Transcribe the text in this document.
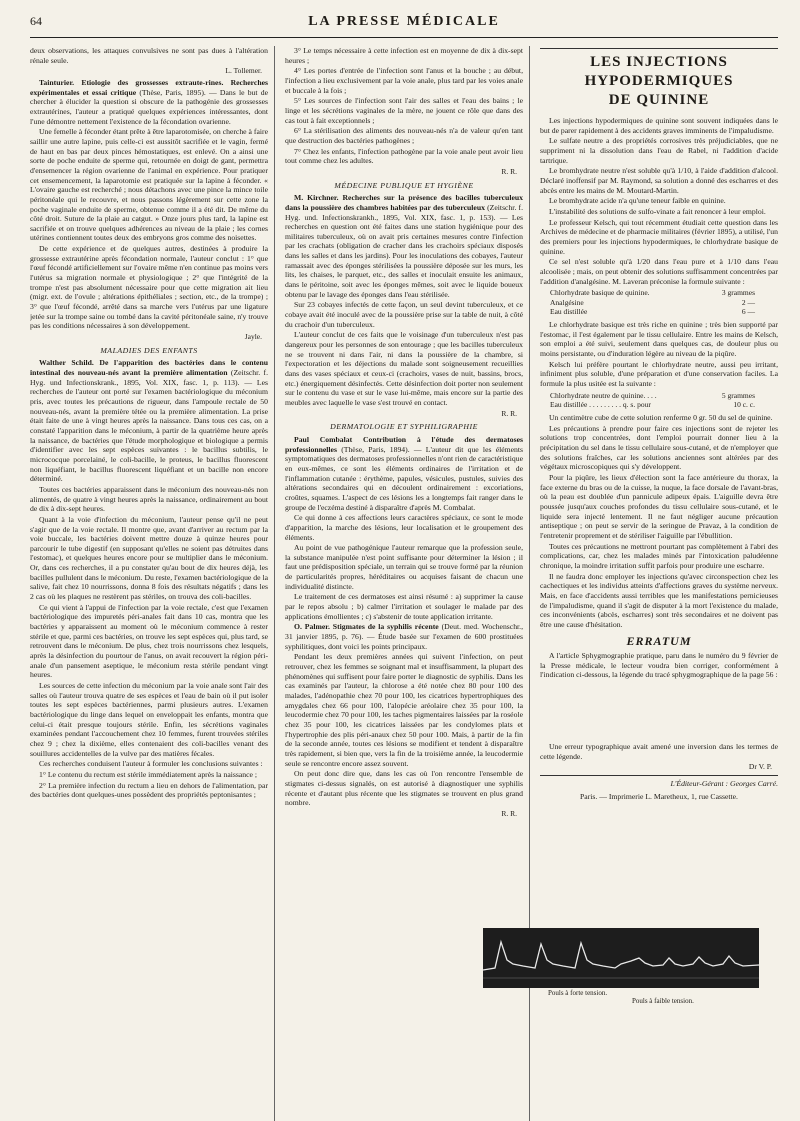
64	LA PRESSE MÉDICALE

deux observations, les attaques convulsives ne sont pas dues à l'altération rénale seule.

L. Tollemer.

Tainturier. Etiologie des grossesses extraute-rines. Recherches expérimentales et essai critique (Thèse, Paris, 1895). — Dans le but de chercher à élucider la question si obscure de la pathogénie des grossesses extrautérines, l'auteur a pratiqué quelques expériences intéressantes, dont l'une démontre nettement l'existence de la fécondation ovarienne.

Une femelle à féconder étant prête à être laparotomisée, on cherche à faire saillir une autre lapine, puis celle-ci est aussitôt sacrifiée et le vagin, fermé de haut en bas par deux pinces hémostatiques, est enlevé. On a ainsi une sorte de poche enduite de sperme qui, retournée en doigt de gant, permettra d'ensemencer la région ovarienne de l'animal en expérience. Pour pratiquer cet ensemencement, la laparotomie est pratiquée sur la lapine à féconder. « L'ovaire gauche est recherché ; nous détachons avec une pince la mince toile péritonéale qui le recouvre, et nous passons légèrement sur cette zone la poche vaginale enduite de sperme, obtenue comme il a été dit. De même du côté droit. Suture de la plaie au catgut. » Onze jours plus tard, la lapine est sacrifiée et on trouve quelques adhérences au niveau de la plaie ; les cornes utérines contiennent toutes deux des embryons gros comme des noisettes.

De cette expérience et de quelques autres, destinées à produire la grossesse extrautérine après fécondation normale, l'auteur conclut : 1° que l'œuf fécondé artificiellement sur l'ovaire même n'en continue pas moins vers l'utérus sa migration normale et physiologique ; 2° que l'intégrité de la trompe n'est pas absolument nécessaire pour que cette migration ait lieu (migr. ext. de l'ovule ; altérations épithéliales ; section, etc., de la trompe) ; 3° que l'œuf fécondé, arrêté dans sa marche vers l'utérus par une ligature jetée sur la trompe saine ou tombé dans la cavité péritonéale saine, n'y trouve pas les conditions nécessaires à son développement.

Jayle.
MALADIES DES ENFANTS

Walther Schild. De l'apparition des bactéries dans le contenu intestinal des nouveau-nés avant la première alimentation (Zeitschr. f. Hyg. und Infectionskrank., 1895, Vol. XIX, fasc. 1, p. 113). — Les recherches de l'auteur ont porté sur l'examen bactériologique du méconium pris, avec toutes les précautions de rigueur, dans l'ampoule rectale de 50 nouveau-nés, avant la première tétée ou la première alimentation. La prise était faite de une à vingt heures après la naissance. Dans tous ces cas, on a constaté l'apparition dans le méconium, à partir de la quatrième heure après la naissance, de bactéries que l'étude morphologique et biologique a permis d'identifier avec les sept espèces suivantes : le bacillus subtilis, le micrococque porcelainé, le coli-bacille, le proteus, le bacillus fluorescent non liquéfiant, le bacillus fluorescent liquéfiant et un bacille non encore déterminé.

Toutes ces bactéries apparaissent dans le méconium des nouveau-nés non alimentés, de quatre à vingt heures après la naissance, ordinairement au bout de dix à dix-sept heures.

Quant à la voie d'infection du méconium, l'auteur pense qu'il ne peut s'agir que de la voie rectale. Il montre que, avant d'arriver au rectum par la voie buccale, les bactéries doivent mettre douze à quinze heures pour parcourir le tube digestif (en supposant qu'elles ne soient pas détruites dans l'estomac), et quelques heures encore pour se multiplier dans le méconium. Or, dans ces recherches, il a pu constater qu'au bout de dix heures déjà, les bacilles pullulent dans le méconium. Du reste, l'examen bactériologique de la salive, fait chez 10 nourrissons, donna 8 fois des résultats négatifs ; dans les 2 cas où les plaques ne restèrent pas stériles, on trouva des coli-bacilles.

Ce qui vient à l'appui de l'infection par la voie rectale, c'est que l'examen bactériologique des impuretés péri-anales fait dans 10 cas, montra que les bactéries y apparaissent au moment où le méconium commence à rester stérile et que, parmi ces bactéries, on trouve les sept espèces qui, plus tard, se retrouvent dans le méconium. De plus, chez trois nourrissons chez lesquels, après la désinfection du pourtour de l'anus, on avait recouvert la région péri-anale d'un pansement aseptique, le méconium resta stérile pendant vingt heures.

Les sources de cette infection du méconium par la voie anale sont l'air des salles où l'auteur trouva quatre de ses espèces et l'eau de bain où il put isoler toutes les sept espèces bactériennes, parmi plusieurs autres. L'examen bactériologique du linge dans lequel on enveloppait les enfants, montra que celui-ci était presque toujours stérile. Enfin, les sécrétions vaginales examinées pendant l'accouchement chez 10 femmes, furent trouvées stériles chez 9 ; chez la dixième, elles contenaient des coli-bacilles venant des souillures accidentelles de la vulve par des matières fécales.

Ces recherches conduisent l'auteur à formuler les conclusions suivantes :

1° Le contenu du rectum est stérile immédiatement après la naissance ;

2° La première infection du rectum a lieu en dehors de l'alimentation, par des bactéries dont quelques-unes possèdent des propriétés peptonisantes ;

3° Le temps nécessaire à cette infection est en moyenne de dix à dix-sept heures ;

4° Les portes d'entrée de l'infection sont l'anus et la bouche ; au début, l'infection a lieu exclusivement par la voie anale, plus tard par les voies anale et buccale à la fois ;

5° Les sources de l'infection sont l'air des salles et l'eau des bains ; le linge et les sécrétions vaginales de la mère, ne jouent ce rôle que dans des cas tout à fait exceptionnels ;

6° La stérilisation des aliments des nouveau-nés n'a de valeur qu'en tant que destruction des bactéries pathogènes ;

7° Chez les enfants, l'infection pathogène par la voie anale peut avoir lieu tout comme chez les adultes.

R. R.
MÉDECINE PUBLIQUE ET HYGIÈNE

M. Kirchner. Recherches sur la présence des bacilles tuberculeux dans la poussière des chambres habitées par des tuberculeux (Zeitschr. f. Hyg. und. Infectionskrankh., 1895, Vol. XIX, fasc. 1, p. 153). — Les recherches en question ont été faites dans une station hygiénique pour des militaires tuberculeux, où on avait pris certaines mesures contre l'infection par les crachats (obligation de cracher dans les crachoirs spéciaux disposés dans les salles et dans les jardins). Pour les inoculations des cobayes, l'auteur ramassait avec des éponges stérilisées la poussière déposée sur les murs, les lits, les chaises, le parquet, etc., des salles et inoculait ensuite les animaux, dans le péritoine, soit avec les éponges mêmes, soit avec le liquide boueux obtenu par le lavage des éponges dans l'eau stérilisée.

Sur 23 cobayes infectés de cette façon, un seul devint tuberculeux, et ce cobaye avait été inoculé avec de la poussière prise sur la table de nuit, à côté du crachoir d'un tuberculeux.

L'auteur conclut de ces faits que le voisinage d'un tuberculeux n'est pas dangereux pour les personnes de son entourage ; que les bacilles tuberculeux ne se trouvent ni dans l'air, ni dans la poussière de la chambre, si l'expectoration et les déjections du malade sont soigneusement recueillies dans des vases spéciaux et ceux-ci (crachoirs, vases de nuit, bassins, brocs, etc.) énergiquement désinfectés. Cette désinfection doit porter non seulement sur le contenu du vase et sur le vase lui-même, mais encore sur la partie des meubles avec laquelle le vase s'est trouvé en contact.

R. R.
DERMATOLOGIE ET SYPHILIGRAPHIE

Paul Combalat Contribution à l'étude des dermatoses professionnelles (Thèse, Paris, 1894). — L'auteur dit que les éléments symptomatiques des dermatoses professionnelles n'ont rien de caractéristique en eux-mêmes, ce sont les éléments ordinaires de l'irritation et de l'inflammation cutanée : érythème, papules, vésicules, pustules, suivies des altérations secondaires qui en découlent ordinairement : excoriations, croûtes, squames. L'aspect de ces lésions les a longtemps fait ranger dans le groupe de l'eczéma destiné à disparaître d'après M. Combalat.

Ce qui donne à ces affections leurs caractères spéciaux, ce sont le mode d'apparition, la marche des lésions, leur localisation et le groupement des éléments.

Au point de vue pathogénique l'auteur remarque que la profession seule, la substance manipulée n'est point suffisante pour déterminer la lésion ; il faut une prédisposition spéciale, un terrain qui se trouve formé par la réunion de particularités propres, héréditaires ou acquises faisant de chacun une individualité distincte.

Le traitement de ces dermatoses est ainsi résumé : a) supprimer la cause par le repos absolu ; b) calmer l'irritation et soulager le malade par des applications émollientes ; c) s'abstenir de toute application irritante.

O. Palmer. Stigmates de la syphilis récente (Deut. med. Wochenschr., 31 janvier 1895, p. 76). — Étude basée sur l'examen de 600 prostituées syphilitiques, dont voici les points principaux.

Pendant les deux premières années qui suivent l'infection, on peut retrouver, chez les femmes se soignant mal et insuffisamment, la plupart des phénomènes qui suffisent pour faire porter le diagnostic de syphilis. Dans les cas examinés par l'auteur, la chlorose a été notée chez 80 pour 100 des malades, l'adénopathie chez 70 pour 100, les cicatrices hypertrophiques des amygdales chez 66 pour 100, l'alopécie aréolaire chez 35 pour 100, la leucodermie chez 70 pour 100, les taches pigmentaires laissées par la roséole chez 35 pour 100, les cicatrices laissées par les condylomes plats et l'hypertrophie des plis péri-anaux chez 50 pour 100. Mais, à partir de la fin de la seconde année, toutes ces lésions se modifient et tendent à disparaître très rapidement, si bien que, vers la fin de la troisième année, la leucodermie seule se rencontre encore assez souvent.

On peut donc dire que, dans les cas où l'on rencontre l'ensemble de stigmates ci-dessus signalés, on est autorisé à diagnostiquer une syphilis récente et d'autant plus récente que les stigmates se trouvent en plus grand nombre.

R. R.
LES INJECTIONS HYPODERMIQUES
DE QUININE

Les injections hypodermiques de quinine sont souvent indiquées dans le but de parer rapidement à des accidents graves imminents de l'impaludisme.

Le sulfate neutre a des propriétés corrosives très préjudiciables, que ne suppriment ni la dissolution dans l'eau de Rabel, ni l'addition d'acide tartrique.

Le bromhydrate neutre n'est soluble qu'à 1/10, à l'aide d'addition d'alcool. Déclaré inoffensif par M. Raymond, sa solution a donné des escharres et des abcès entre les mains de M. Moutard-Martin.

Le bromhydrate acide n'a qu'une teneur faible en quinine.

L'instabilité des solutions de sulfo-vinate a fait renoncer à leur emploi.

Le professeur Kelsch, qui tout récemment étudiait cette question dans les Archives de médecine et de pharmacie militaires (février 1895), a utilisé, l'un des premiers pour les injections hypodermiques, le chlorhydrate basique de quinine.

Ce sel n'est soluble qu'à 1/20 dans l'eau pure et à 1/10 dans l'eau alcoolisée ; mais, on peut obtenir des solutions suffisamment concentrées par l'addition d'analgésine. M. Laveran préconise la formule suivante :

Chlorhydrate basique de quinine.	3 grammes
Analgésine	2 —
Eau distillée	6 —

Le chlorhydrate basique est très riche en quinine ; très bien supporté par l'estomac, il l'est également par le tissu cellulaire. Entre les mains de Kelsch, son emploi a été suivi, seulement dans quelques cas, de douleur plus ou moins persistante, ou d'induration légère au niveau de la piqûre.

Kelsch lui préfère pourtant le chlorhydrate neutre, aussi peu irritant, infiniment plus soluble, d'une préparation et d'une conservation faciles. La formule la plus usitée est la suivante :

Chlorhydrate neutre de quinine. . . .	5 grammes
Eau distillée . . . . . . . . . q. s. pour	10 c. c.

Un centimètre cube de cette solution renferme 0 gr. 50 du sel de quinine.

Les précautions à prendre pour faire ces injections sont de rejeter les solutions trop concentrées, dont l'emploi pourrait donner lieu à la précipitation du sel dans le tissu cellulaire sous-cutané, et de n'employer que des solutions fraîches, car les solutions anciennes sont altérées par des végétaux microscopiques qui s'y développent.

Pour la piqûre, les lieux d'élection sont la face antérieure du thorax, la face externe du bras ou de la cuisse, la nuque, la face dorsale de l'avant-bras, où la peau est doublée d'un pannicule adipeux épais. L'aiguille devra être poussée jusqu'aux couches profondes du tissu cellulaire sous-cutané, et le liquide sera injecté lentement. Il ne faut négliger aucune précaution antiseptique ; on peut se servir de la seringue de Pravaz, à la condition de l'entretenir proprement et de stériliser l'aiguille par l'ébullition.

Toutes ces précautions ne mettront pourtant pas complètement à l'abri des complications, car, chez les malades minés par l'intoxication paludéenne chronique, la moindre irritation suffit parfois pour produire une escharre.

Il ne faudra donc employer les injections qu'avec circonspection chez les cachectiques et les individus atteints d'affections graves du système nerveux. Mais, en face d'accidents aussi terribles que les manifestations pernicieuses de l'impaludisme, quand il s'agit de disputer à la mort l'existence du malade, ces inconvénients (abcès, escharres) sont très secondaires et ne doivent pas être une cause d'hésitation.

ERRATUM

A l'article Sphygmographie pratique, paru dans le numéro du 9 février de la Presse médicale, le lecteur voudra bien corriger, conformément à l'indication ci-dessous, la légende du tracé sphygmographique de la page 56 :

Une erreur typographique avait amené une inversion dans les termes de cette légende.

Dr V. P.
L'Éditeur-Gérant : Georges Carré.
Paris. — Imprimerie L. Maretheux, 1, rue Cassette.
Pouls à forte tension.
Pouls à faible tension.
